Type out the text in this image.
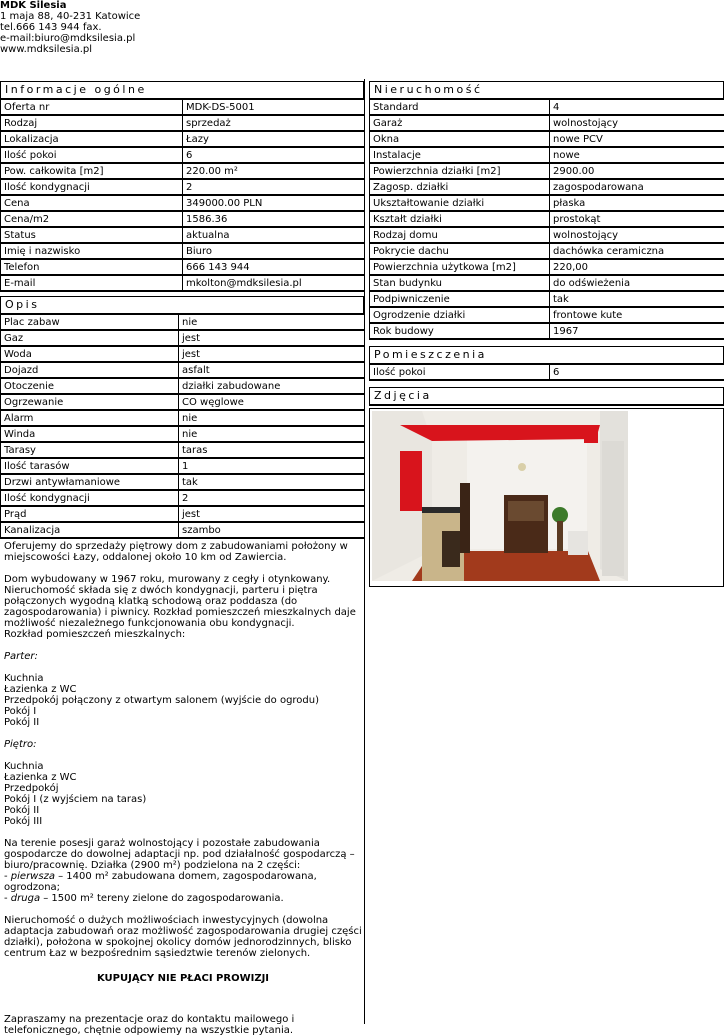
MDK Silesia
1 maja 88, 40-231 Katowice
tel.666 143 944 fax.
e-mail:biuro@mdksilesia.pl
www.mdksilesia.pl
Informacje ogólne
Oferta nr	MDK-DS-5001
Rodzaj	sprzedaż
Lokalizacja	Łazy
Ilość pokoi	6
Pow. całkowita [m2]	220.00 m²
Ilość kondygnacji	2
Cena	349000.00 PLN
Cena/m2	1586.36
Status	aktualna
Imię i nazwisko	Biuro
Telefon	666 143 944
E-mail	mkolton@mdksilesia.pl
Opis
Plac zabaw	nie
Gaz	jest
Woda	jest
Dojazd	asfalt
Otoczenie	działki zabudowane
Ogrzewanie	CO węglowe
Alarm	nie
Winda	nie
Tarasy	taras
Ilość tarasów	1
Drzwi antywłamaniowe	tak
Ilość kondygnacji	2
Prąd	jest
Kanalizacja	szambo

Oferujemy do sprzedaży piętrowy dom z zabudowaniami położony w miejscowości Łazy, oddalonej około 10 km od Zawiercia.

Dom wybudowany w 1967 roku, murowany z cegły i otynkowany. Nieruchomość składa się z dwóch kondygnacji, parteru i piętra połączonych wygodną klatką schodową oraz poddasza (do zagospodarowania) i piwnicy. Rozkład pomieszczeń mieszkalnych daje możliwość niezależnego funkcjonowania obu kondygnacji.

Rozkład pomieszczeń mieszkalnych:

Parter:

Kuchnia
Łazienka z WC
Przedpokój połączony z otwartym salonem (wyjście do ogrodu)
Pokój I
Pokój II

Piętro:

Kuchnia
Łazienka z WC
Przedpokój
Pokój I (z wyjściem na taras)
Pokój II
Pokój III

Na terenie posesji garaż wolnostojący i pozostałe zabudowania gospodarcze do dowolnej adaptacji np. pod działalność gospodarczą – biuro/pracownię. Działka (2900 m²) podzielona na 2 części:

- pierwsza – 1400 m² zabudowana domem, zagospodarowana, ogrodzona;
- druga – 1500 m² tereny zielone do zagospodarowania.

Nieruchomość o dużych możliwościach inwestycyjnych (dowolna adaptacja zabudowań oraz możliwość zagospodarowania drugiej części działki), położona w spokojnej okolicy domów jednorodzinnych, blisko centrum Łaz w bezpośrednim sąsiedztwie terenów zielonych.

KUPUJĄCY NIE PŁACI PROWIZJI

Zapraszamy na prezentacje oraz do kontaktu mailowego i telefonicznego, chętnie odpowiemy na wszystkie pytania.

Nieruchomość
Standard	4
Garaż	wolnostojący
Okna	nowe PCV
Instalacje	nowe
Powierzchnia działki [m2]	2900.00
Zagosp. działki	zagospodarowana
Ukształtowanie działki	płaska
Kształt działki	prostokąt
Rodzaj domu	wolnostojący
Pokrycie dachu	dachówka ceramiczna
Powierzchnia użytkowa [m2]	220,00
Stan budynku	do odświeżenia
Podpiwniczenie	tak
Ogrodzenie działki	frontowe kute
Rok budowy	1967
Pomieszczenia
Ilość pokoi	6
Zdjęcia
